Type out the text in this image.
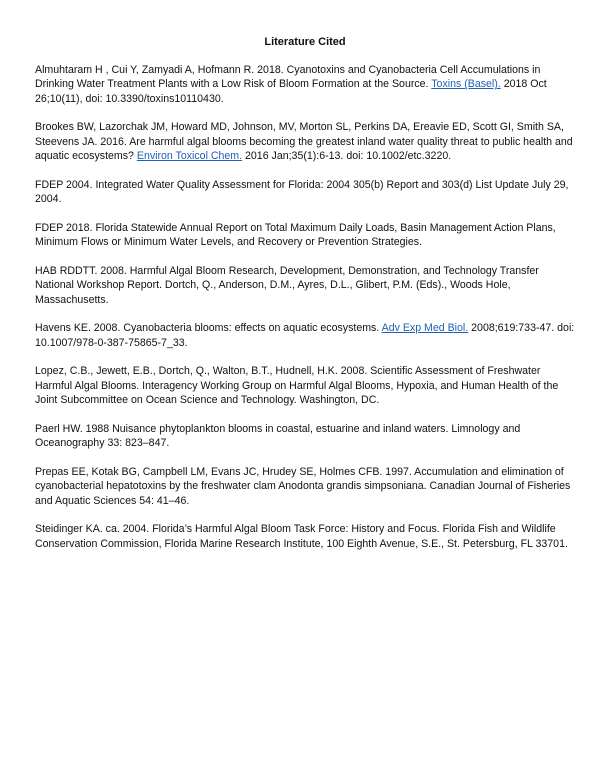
Literature Cited
Almuhtaram H , Cui Y, Zamyadi A, Hofmann R. 2018. Cyanotoxins and Cyanobacteria Cell Accumulations in Drinking Water Treatment Plants with a Low Risk of Bloom Formation at the Source. Toxins (Basel). 2018 Oct 26;10(11), doi: 10.3390/toxins10110430.
Brookes BW, Lazorchak JM, Howard MD, Johnson, MV, Morton SL, Perkins DA, Ereavie ED, Scott GI, Smith SA, Steevens JA. 2016. Are harmful algal blooms becoming the greatest inland water quality threat to public health and aquatic ecosystems? Environ Toxicol Chem. 2016 Jan;35(1):6-13. doi: 10.1002/etc.3220.
FDEP 2004. Integrated Water Quality Assessment for Florida: 2004 305(b) Report and 303(d) List Update July 29, 2004.
FDEP 2018. Florida Statewide Annual Report on Total Maximum Daily Loads, Basin Management Action Plans, Minimum Flows or Minimum Water Levels, and Recovery or Prevention Strategies.
HAB RDDTT. 2008. Harmful Algal Bloom Research, Development, Demonstration, and Technology Transfer National Workshop Report. Dortch, Q., Anderson, D.M., Ayres, D.L., Glibert, P.M. (Eds)., Woods Hole, Massachusetts.
Havens KE. 2008. Cyanobacteria blooms: effects on aquatic ecosystems. Adv Exp Med Biol. 2008;619:733-47. doi: 10.1007/978-0-387-75865-7_33.
Lopez, C.B., Jewett, E.B., Dortch, Q., Walton, B.T., Hudnell, H.K. 2008. Scientific Assessment of Freshwater Harmful Algal Blooms. Interagency Working Group on Harmful Algal Blooms, Hypoxia, and Human Health of the Joint Subcommittee on Ocean Science and Technology. Washington, DC.
Paerl HW. 1988 Nuisance phytoplankton blooms in coastal, estuarine and inland waters. Limnology and Oceanography 33: 823–847.
Prepas EE, Kotak BG, Campbell LM, Evans JC, Hrudey SE, Holmes CFB. 1997. Accumulation and elimination of cyanobacterial hepatotoxins by the freshwater clam Anodonta grandis simpsoniana. Canadian Journal of Fisheries and Aquatic Sciences 54: 41–46.
Steidinger KA. ca. 2004. Florida’s Harmful Algal Bloom Task Force: History and Focus. Florida Fish and Wildlife Conservation Commission, Florida Marine Research Institute, 100 Eighth Avenue, S.E., St. Petersburg, FL 33701.
